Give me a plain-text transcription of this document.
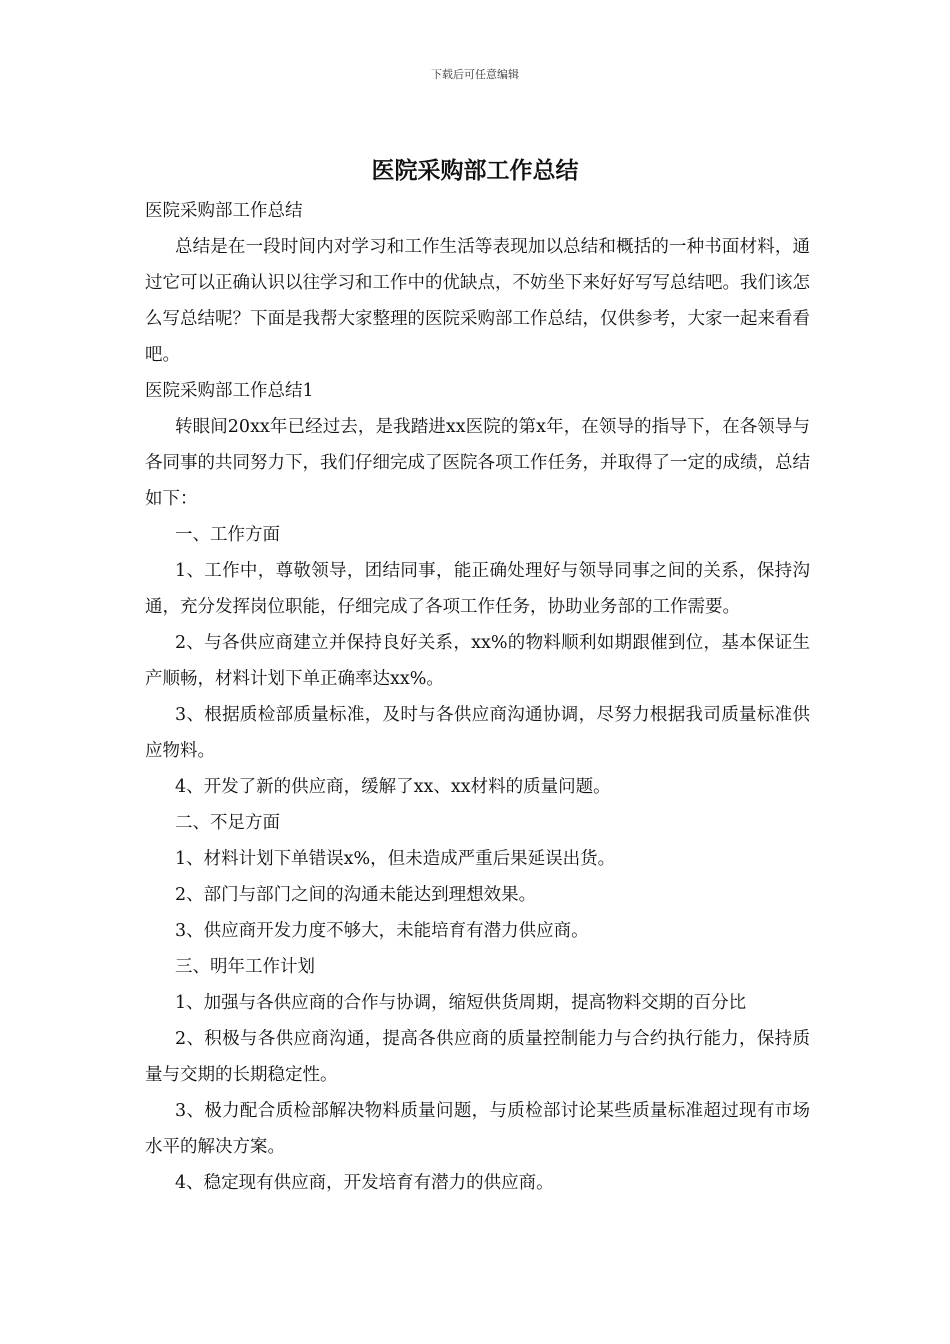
下载后可任意编辑
医院采购部工作总结

医院采购部工作总结

总结是在一段时间内对学习和工作生活等表现加以总结和概括的一种书面材料，通过它可以正确认识以往学习和工作中的优缺点，不妨坐下来好好写写总结吧。我们该怎么写总结呢？下面是我帮大家整理的医院采购部工作总结，仅供参考，大家一起来看看吧。

医院采购部工作总结1

转眼间20xx年已经过去，是我踏进xx医院的第x年，在领导的指导下，在各领导与各同事的共同努力下，我们仔细完成了医院各项工作任务，并取得了一定的成绩，总结如下：

一、工作方面

1、工作中，尊敬领导，团结同事，能正确处理好与领导同事之间的关系，保持沟通，充分发挥岗位职能，仔细完成了各项工作任务，协助业务部的工作需要。

2、与各供应商建立并保持良好关系，xx%的物料顺利如期跟催到位，基本保证生产顺畅，材料计划下单正确率达xx%。

3、根据质检部质量标准，及时与各供应商沟通协调，尽努力根据我司质量标准供应物料。

4、开发了新的供应商，缓解了xx、xx材料的质量问题。

二、不足方面

1、材料计划下单错误x%，但未造成严重后果延误出货。

2、部门与部门之间的沟通未能达到理想效果。

3、供应商开发力度不够大，未能培育有潜力供应商。

三、明年工作计划

1、加强与各供应商的合作与协调，缩短供货周期，提高物料交期的百分比

2、积极与各供应商沟通，提高各供应商的质量控制能力与合约执行能力，保持质量与交期的长期稳定性。

3、极力配合质检部解决物料质量问题，与质检部讨论某些质量标准超过现有市场水平的解决方案。

4、稳定现有供应商，开发培育有潜力的供应商。
